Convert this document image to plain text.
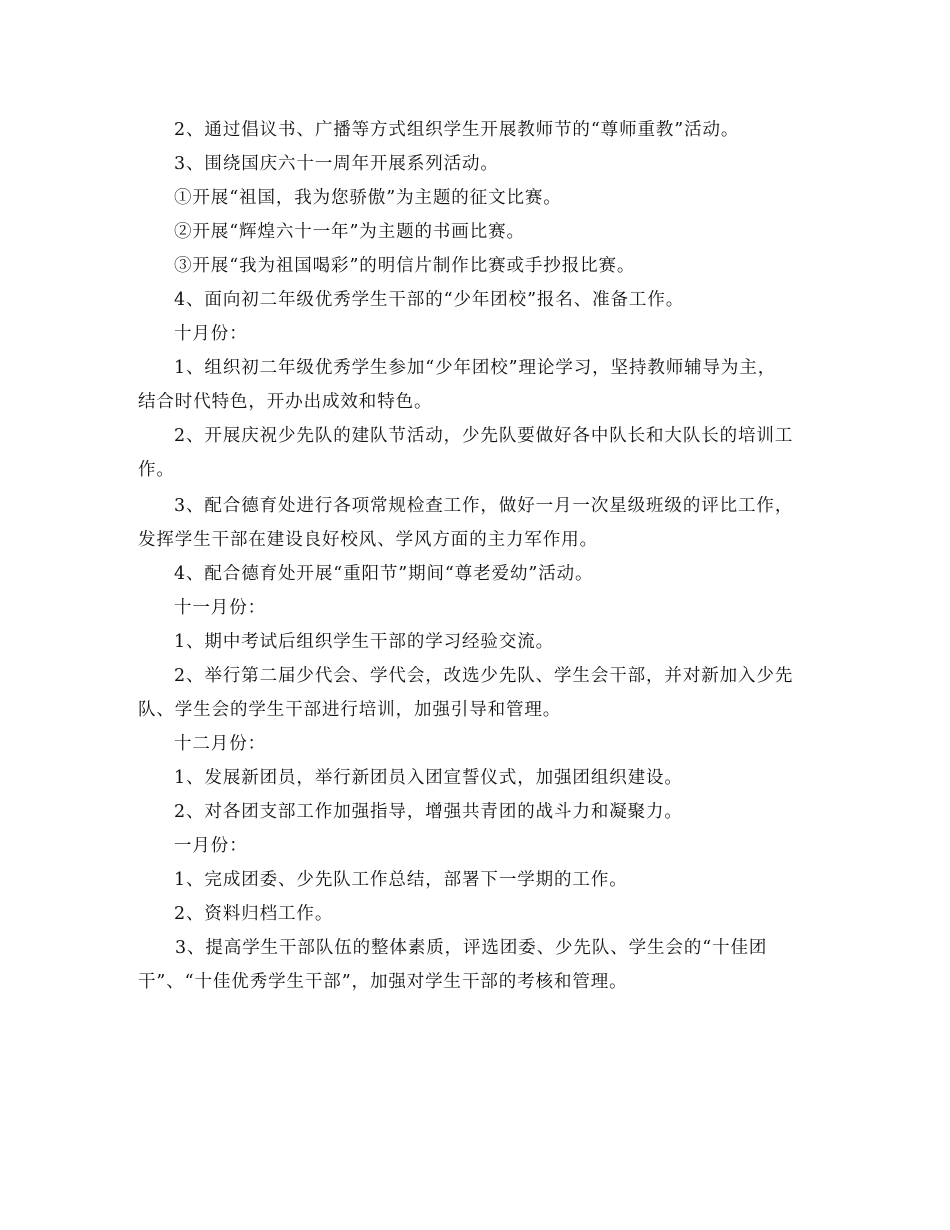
2、通过倡议书、广播等方式组织学生开展教师节的“尊师重教”活动。
3、围绕国庆六十一周年开展系列活动。
①开展“祖国，我为您骄傲”为主题的征文比赛。
②开展“辉煌六十一年”为主题的书画比赛。
③开展“我为祖国喝彩”的明信片制作比赛或手抄报比赛。
4、面向初二年级优秀学生干部的“少年团校”报名、准备工作。
十月份：
1、组织初二年级优秀学生参加“少年团校”理论学习，坚持教师辅导为主，
结合时代特色，开办出成效和特色。
2、开展庆祝少先队的建队节活动，少先队要做好各中队长和大队长的培训工
作。
3、配合德育处进行各项常规检查工作，做好一月一次星级班级的评比工作，
发挥学生干部在建设良好校风、学风方面的主力军作用。
4、配合德育处开展“重阳节”期间“尊老爱幼”活动。
十一月份：
1、期中考试后组织学生干部的学习经验交流。
2、举行第二届少代会、学代会，改选少先队、学生会干部，并对新加入少先
队、学生会的学生干部进行培训，加强引导和管理。
十二月份：
1、发展新团员，举行新团员入团宣誓仪式，加强团组织建设。
2、对各团支部工作加强指导，增强共青团的战斗力和凝聚力。
一月份：
1、完成团委、少先队工作总结，部署下一学期的工作。
2、资料归档工作。
3、提高学生干部队伍的整体素质，评选团委、少先队、学生会的“十佳团
干”、“十佳优秀学生干部”，加强对学生干部的考核和管理。
